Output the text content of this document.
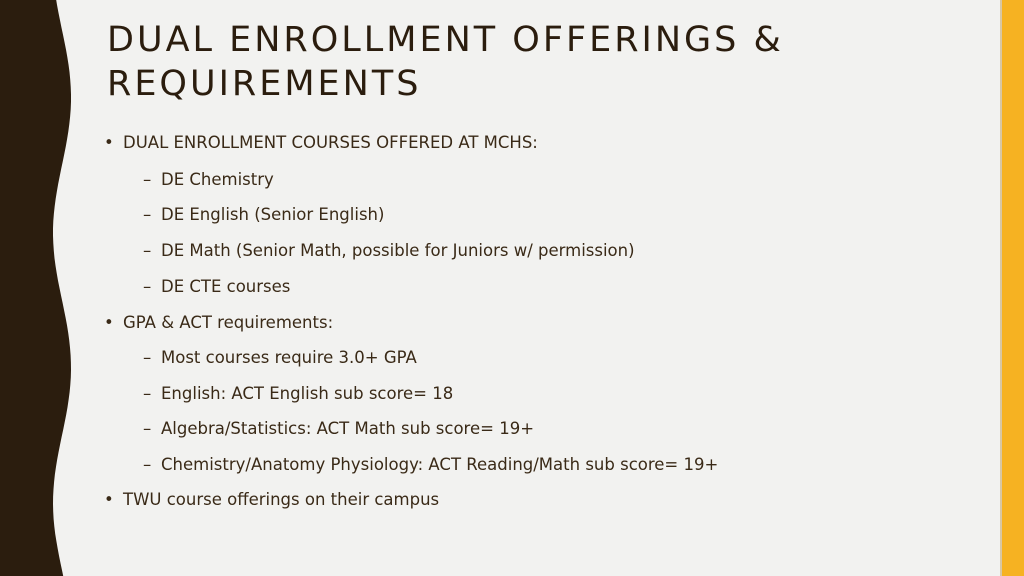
DUAL ENROLLMENT OFFERINGS & REQUIREMENTS
• DUAL ENROLLMENT COURSES OFFERED AT MCHS:
– DE Chemistry
– DE English (Senior English)
– DE Math (Senior Math, possible for Juniors w/ permission)
– DE CTE courses
• GPA & ACT requirements:
– Most courses require 3.0+ GPA
– English: ACT English sub score= 18
– Algebra/Statistics: ACT Math sub score= 19+
– Chemistry/Anatomy Physiology: ACT Reading/Math sub score= 19+
• TWU course offerings on their campus
